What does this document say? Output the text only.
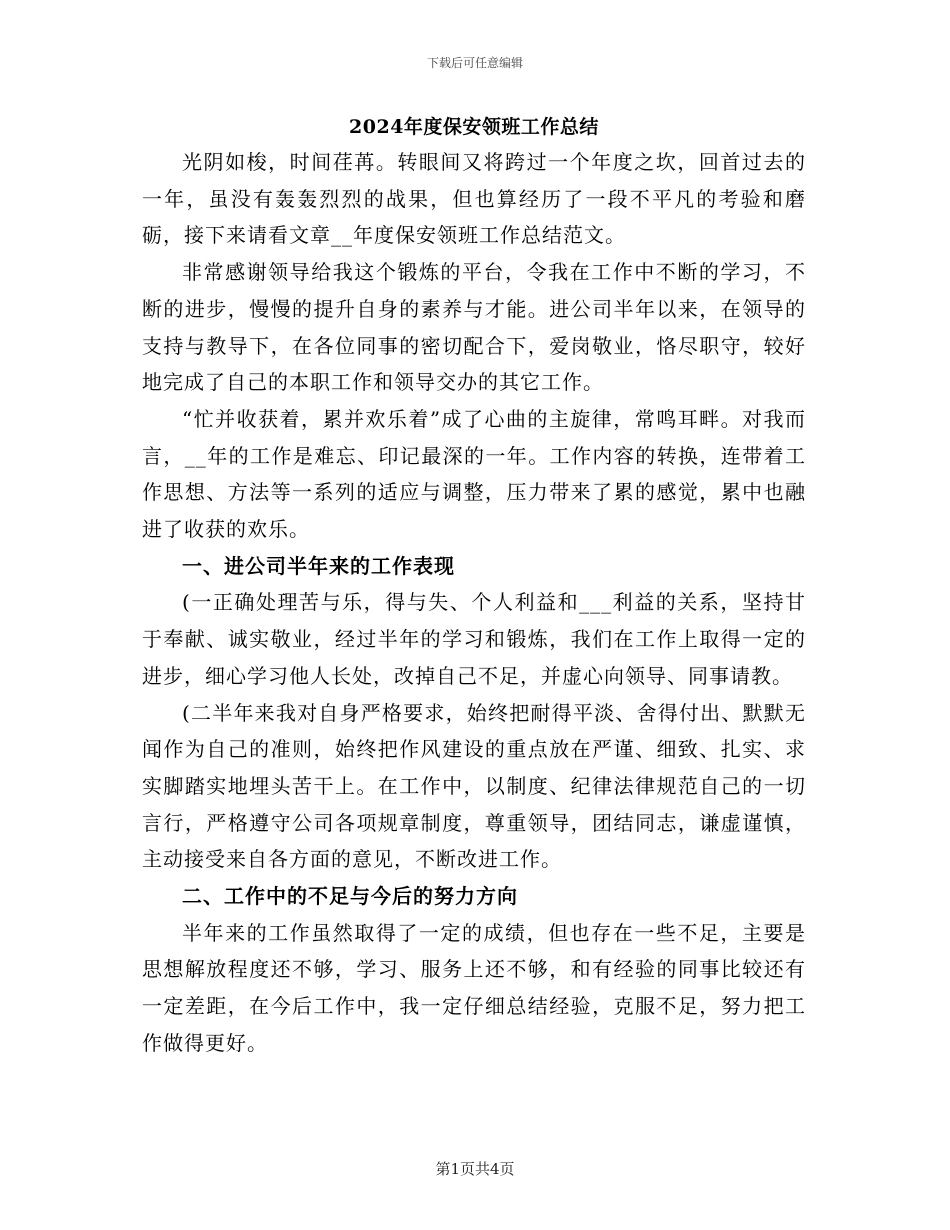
下载后可任意编辑
2024年度保安领班工作总结

光阴如梭，时间荏苒。转眼间又将跨过一个年度之坎，回首过去的一年，虽没有轰轰烈烈的战果，但也算经历了一段不平凡的考验和磨砺，接下来请看文章__年度保安领班工作总结范文。

非常感谢领导给我这个锻炼的平台，令我在工作中不断的学习，不断的进步，慢慢的提升自身的素养与才能。进公司半年以来，在领导的支持与教导下，在各位同事的密切配合下，爱岗敬业，恪尽职守，较好地完成了自己的本职工作和领导交办的其它工作。

“忙并收获着，累并欢乐着”成了心曲的主旋律，常鸣耳畔。对我而言，__年的工作是难忘、印记最深的一年。工作内容的转换，连带着工作思想、方法等一系列的适应与调整，压力带来了累的感觉，累中也融进了收获的欢乐。

一、进公司半年来的工作表现

(一正确处理苦与乐，得与失、个人利益和___利益的关系，坚持甘于奉献、诚实敬业，经过半年的学习和锻炼，我们在工作上取得一定的进步，细心学习他人长处，改掉自己不足，并虚心向领导、同事请教。

(二半年来我对自身严格要求，始终把耐得平淡、舍得付出、默默无闻作为自己的准则，始终把作风建设的重点放在严谨、细致、扎实、求实脚踏实地埋头苦干上。在工作中，以制度、纪律法律规范自己的一切言行，严格遵守公司各项规章制度，尊重领导，团结同志，谦虚谨慎，主动接受来自各方面的意见，不断改进工作。

二、工作中的不足与今后的努力方向

半年来的工作虽然取得了一定的成绩，但也存在一些不足，主要是思想解放程度还不够，学习、服务上还不够，和有经验的同事比较还有一定差距，在今后工作中，我一定仔细总结经验，克服不足，努力把工作做得更好。

第1页共4页
